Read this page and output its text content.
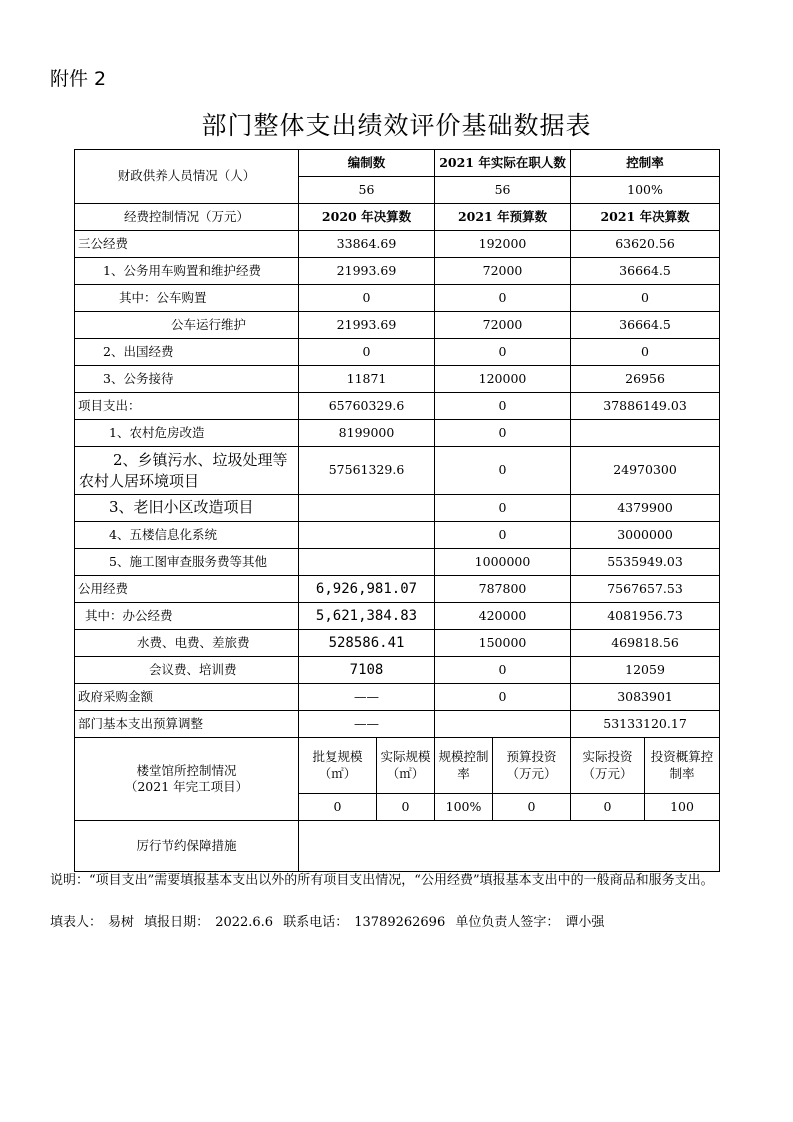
附件 2
部门整体支出绩效评价基础数据表
财政供养人员情况（人）	编制数		2021 年实际在职人数		控制率	
	56		56		100%	
经费控制情况（万元）	2020 年决算数		2021 年预算数		2021 年决算数	
三公经费	33864.69		192000		63620.56	
1、公务用车购置和维护经费	21993.69		72000		36664.5	
其中：公车购置	0		0		0	
公车运行维护	21993.69		72000		36664.5	
2、出国经费	0		0		0	
3、公务接待	11871		120000		26956	
项目支出：	65760329.6		0		37886149.03	
1、农村危房改造	8199000		0			
2、乡镇污水、垃圾处理等农村人居环境项目	57561329.6		0		24970300	
3、老旧小区改造项目			0		4379900	
4、五楼信息化系统			0		3000000	
5、施工图审查服务费等其他			1000000		5535949.03	
公用经费	6,926,981.07		787800		7567657.53	
其中：办公经费	5,621,384.83		420000		4081956.73	
水费、电费、差旅费	528586.41		150000		469818.56	
会议费、培训费	7108		0		12059	
政府采购金额	——		0		3083901	
部门基本支出预算调整	——				53133120.17	

楼堂馆所控制情况
（2021 年完工项目）	批复规模（㎡）	实际规模（㎡）	规模控制率	预算投资（万元）	实际投资（万元）	投资概算控制率
	0	0	100%	0	0	100
厉行节约保障措施						
说明：“项目支出”需要填报基本支出以外的所有项目支出情况，“公用经费”填报基本支出中的一般商品和服务支出。
填表人： 易树 填报日期： 2022.6.6 联系电话： 13789262696 单位负责人签字： 谭小强
